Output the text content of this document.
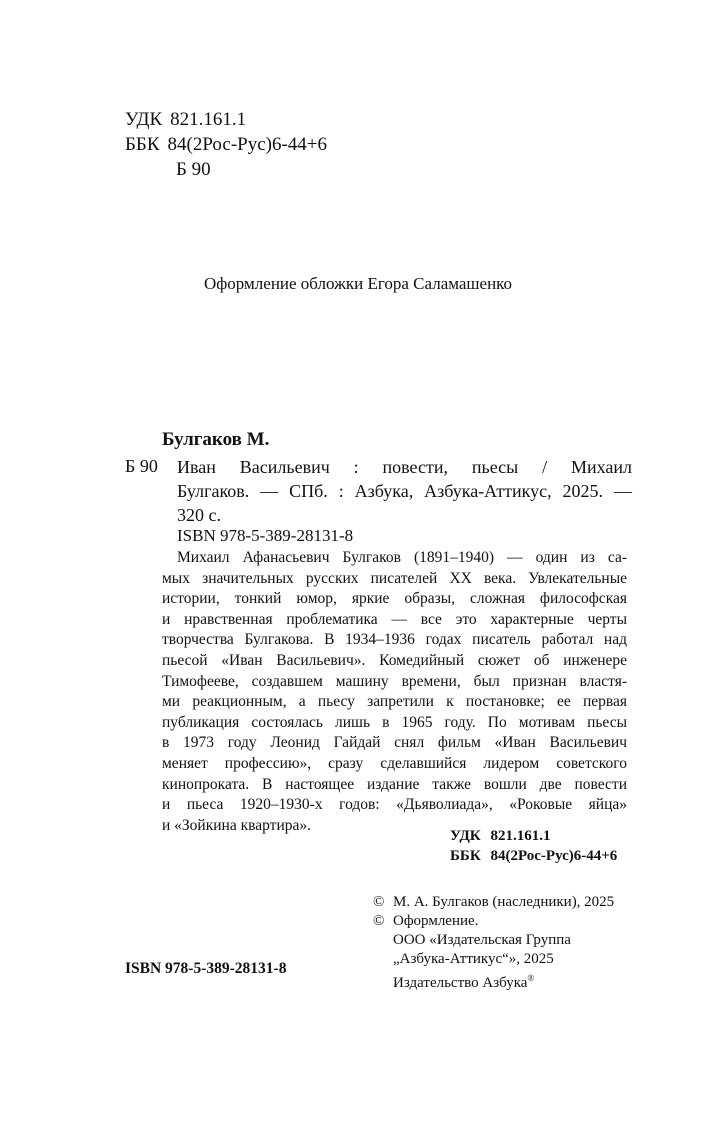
УДК 821.161.1
ББК 84(2Рос-Рус)6-44+6
Б 90
Оформление обложки Егора Саламашенко
Булгаков М.
Б 90 Иван Васильевич : повести, пьесы / Михаил
Булгаков. — СПб. : Азбука, Азбука-Аттикус, 2025. —
320 с.
ISBN 978-5-389-28131-8
Михаил Афанасьевич Булгаков (1891–1940) — один из са-
мых значительных русских писателей XX века. Увлекательные
истории, тонкий юмор, яркие образы, сложная философская
и нравственная проблематика — все это характерные черты
творчества Булгакова. В 1934–1936 годах писатель работал над
пьесой «Иван Васильевич». Комедийный сюжет об инженере
Тимофееве, создавшем машину времени, был признан властя-
ми реакционным, а пьесу запретили к постановке; ее первая
публикация состоялась лишь в 1965 году. По мотивам пьесы
в 1973 году Леонид Гайдай снял фильм «Иван Васильевич
меняет профессию», сразу сделавшийся лидером советского
кинопроката. В настоящее издание также вошли две повести
и пьеса 1920–1930-х годов: «Дьяволиада», «Роковые яйца»
и «Зойкина квартира».
УДК 821.161.1
ББК 84(2Рос-Рус)6-44+6
© М. А. Булгаков (наследники), 2025
© Оформление.
ООО «Издательская Группа
„Азбука-Аттикус“», 2025
Издательство Азбука®
ISBN 978-5-389-28131-8
